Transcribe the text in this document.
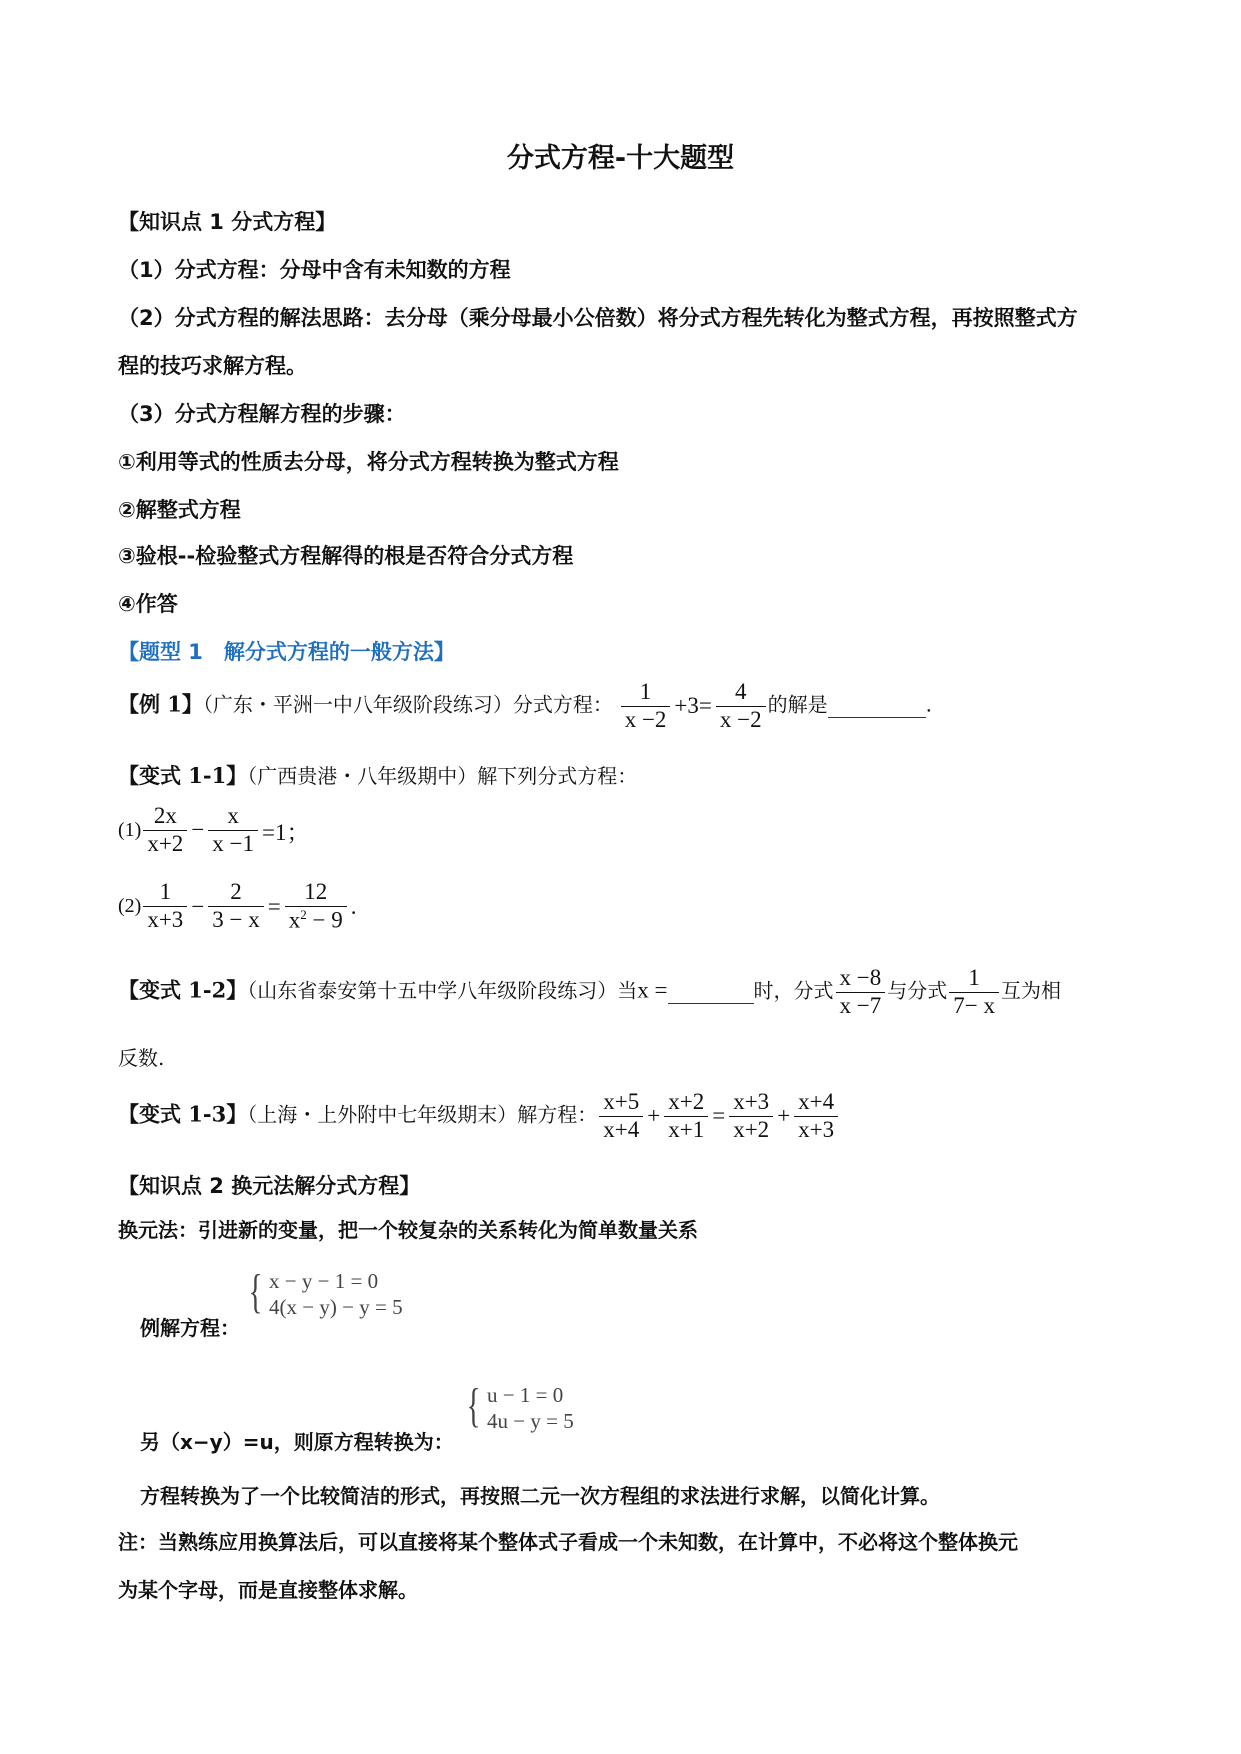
分式方程-十大题型
【知识点 1 分式方程】
（1）分式方程：分母中含有未知数的方程
（2）分式方程的解法思路：去分母（乘分母最小公倍数）将分式方程先转化为整式方程，再按照整式方
程的技巧求解方程。
（3）分式方程解方程的步骤：
①利用等式的性质去分母，将分式方程转换为整式方程
②解整式方程
③验根--检验整式方程解得的根是否符合分式方程
④作答
【题型 1　解分式方程的一般方法】
【例 1】（广东・平洲一中八年级阶段练习）分式方程： $\frac{1}{x -2} +3= \frac{4}{x -2}$ 的解是	.
【变式 1-1】（广西贵港・八年级期中）解下列分式方程：
$(1) \frac{2x}{x+2} - \frac{x}{x -1} =1$；
$(2) \frac{1}{x+3} - \frac{2}{3 - x} = \frac{12}{x^2 - 9}$ .
【变式 1-2】（山东省泰安第十五中学八年级阶段练习）当x =	时，分式 $\frac{x -8}{x -7}$ 与分式 $\frac{1}{7- x}$ 互为相
反数.
【变式 1-3】（上海・上外附中七年级期末）解方程： $\frac{x+5}{x+4} + \frac{x+2}{x+1} = \frac{x+3}{x+2} + \frac{x+4}{x+3}$
【知识点 2 换元法解分式方程】
换元法：引进新的变量，把一个较复杂的关系转化为简单数量关系
{ x − y − 1 = 0
4(x − y) − y = 5
例解方程：
{ u − 1 = 0
4u − y = 5
另（x−y）=u，则原方程转换为：
方程转换为了一个比较简洁的形式，再按照二元一次方程组的求法进行求解，以简化计算。
注：当熟练应用换算法后，可以直接将某个整体式子看成一个未知数，在计算中，不必将这个整体换元
为某个字母，而是直接整体求解。
